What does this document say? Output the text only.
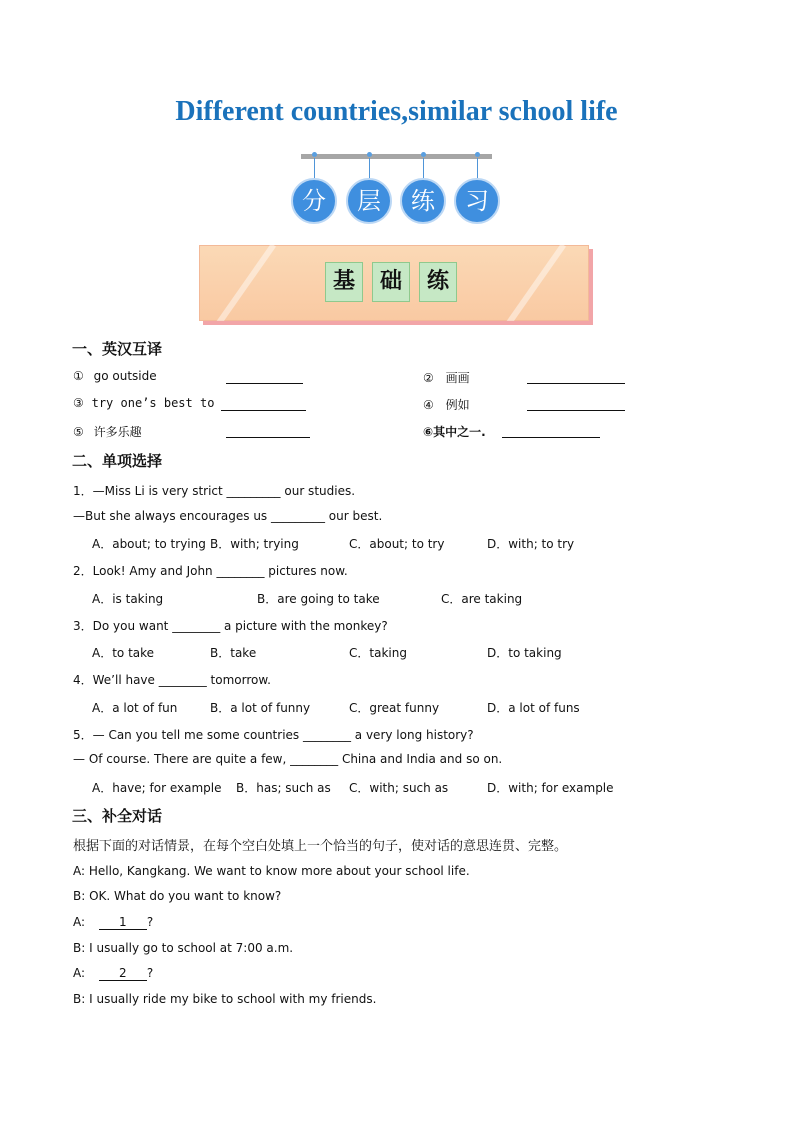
Different countries,similar school life
分	层	练	习
基	础	练
一、英汉互译
① go outside	② 画画
③ try one’s best to	④ 例如
⑤ 许多乐趣	⑥其中之一.
二、单项选择
1．—Miss Li is very strict _________ our studies.
—But she always encourages us _________ our best.
A．about; to trying B．with; trying	C．about; to try	D．with; to try
2．Look! Amy and John ________ pictures now.
A．is taking	B．are going to take	C．are taking
3．Do you want ________ a picture with the monkey?
A．to take	B．take	C．taking	D．to taking
4．We’ll have ________ tomorrow.
A．a lot of fun	B．a lot of funny	C．great funny	D．a lot of funs
5．— Can you tell me some countries ________ a very long history?
— Of course. There are quite a few, ________ China and India and so on.
A．have; for example B．has; such as C．with; such as	D．with; for example
三、补全对话
根据下面的对话情景，在每个空白处填上一个恰当的句子，使对话的意思连贯、完整。
A: Hello, Kangkang. We want to know more about your school life.
B: OK. What do you want to know?
A:	1 ?
B: I usually go to school at 7:00 a.m.
A:	2 ?
B: I usually ride my bike to school with my friends.
